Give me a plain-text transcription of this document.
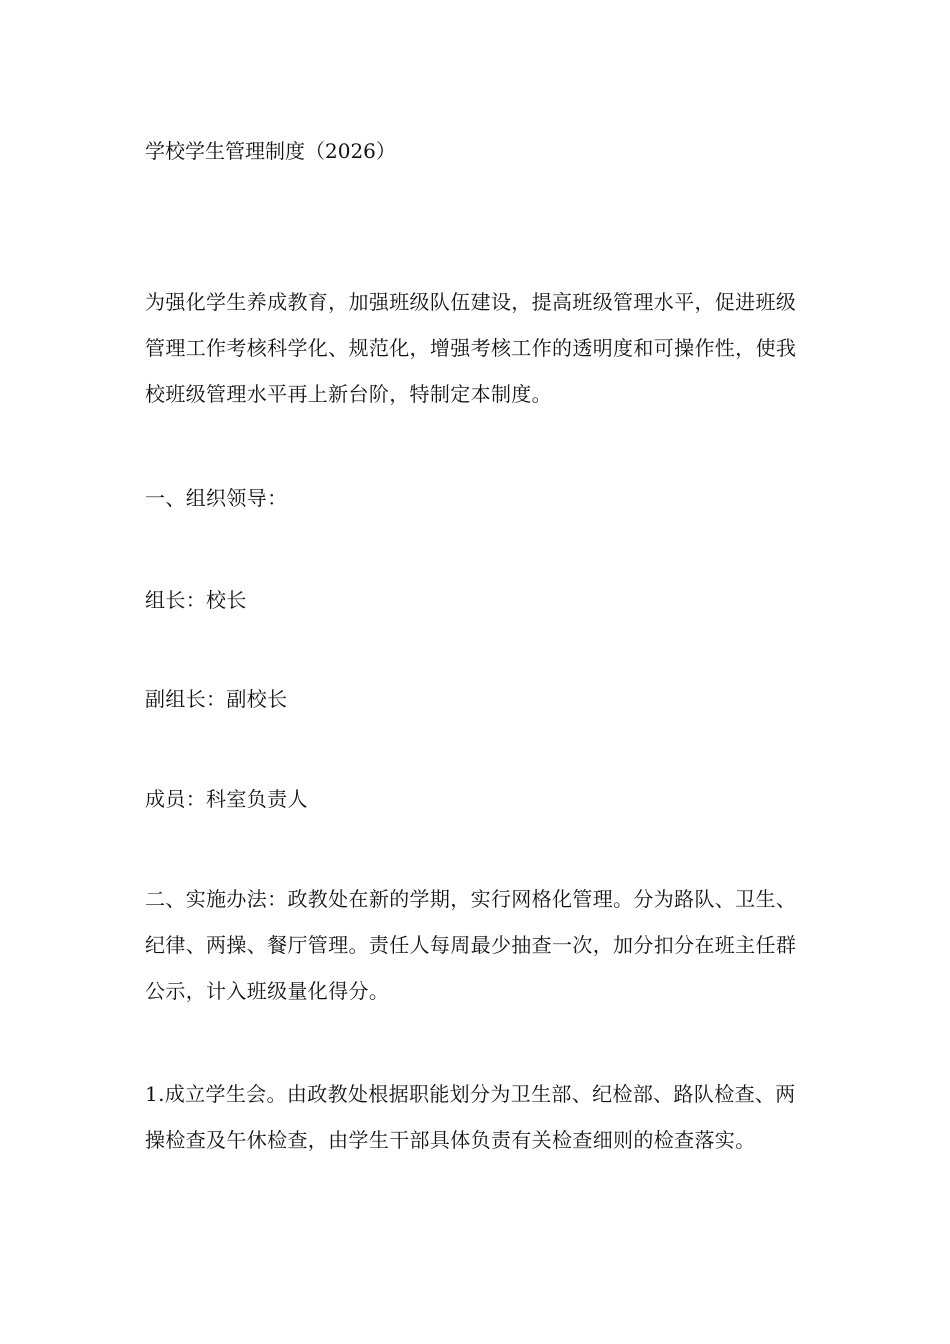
学校学生管理制度（2026）

为强化学生养成教育，加强班级队伍建设，提高班级管理水平，促进班级管理工作考核科学化、规范化，增强考核工作的透明度和可操作性，使我校班级管理水平再上新台阶，特制定本制度。

一、组织领导：

组长：校长

副组长：副校长

成员：科室负责人

二、实施办法：政教处在新的学期，实行网格化管理。分为路队、卫生、纪律、两操、餐厅管理。责任人每周最少抽查一次，加分扣分在班主任群公示，计入班级量化得分。

1.成立学生会。由政教处根据职能划分为卫生部、纪检部、路队检查、两操检查及午休检查，由学生干部具体负责有关检查细则的检查落实。
